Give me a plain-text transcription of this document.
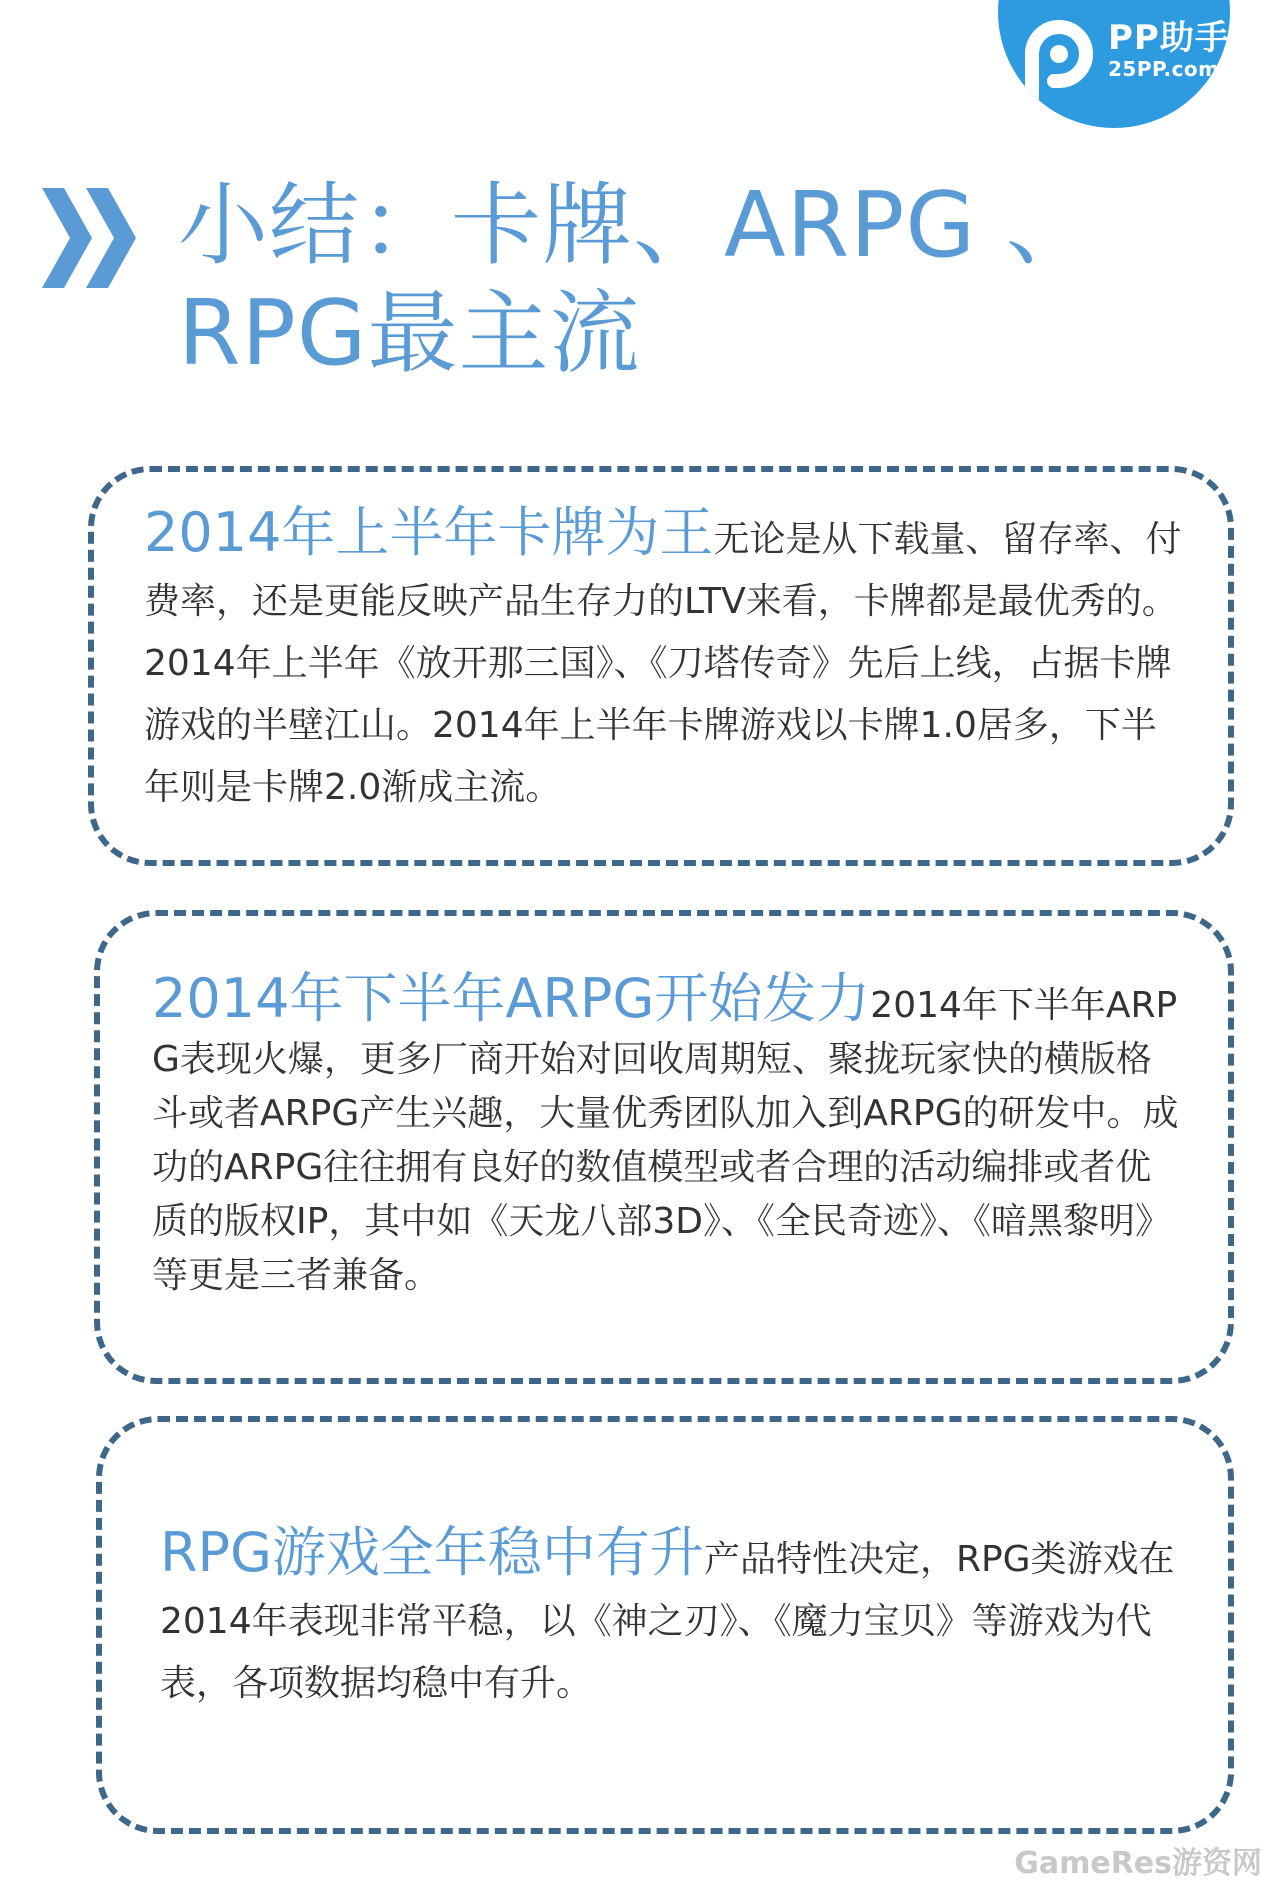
PP助手
25PP.com
小结：卡牌、ARPG 、
RPG最主流

2014年上半年卡牌为王无论是从下载量、留存率、付费率，还是更能反映产品生存力的LTV来看，卡牌都是最优秀的。2014年上半年《放开那三国》、《刀塔传奇》先后上线，占据卡牌游戏的半壁江山。2014年上半年卡牌游戏以卡牌1.0居多，下半年则是卡牌2.0渐成主流。

2014年下半年ARPG开始发力2014年下半年ARPG表现火爆，更多厂商开始对回收周期短、聚拢玩家快的横版格斗或者ARPG产生兴趣，大量优秀团队加入到ARPG的研发中。成功的ARPG往往拥有良好的数值模型或者合理的活动编排或者优质的版权IP，其中如《天龙八部3D》、《全民奇迹》、《暗黑黎明》等更是三者兼备。

RPG游戏全年稳中有升产品特性决定，RPG类游戏在2014年表现非常平稳，以《神之刃》、《魔力宝贝》等游戏为代表，各项数据均稳中有升。

GameRes游资网
